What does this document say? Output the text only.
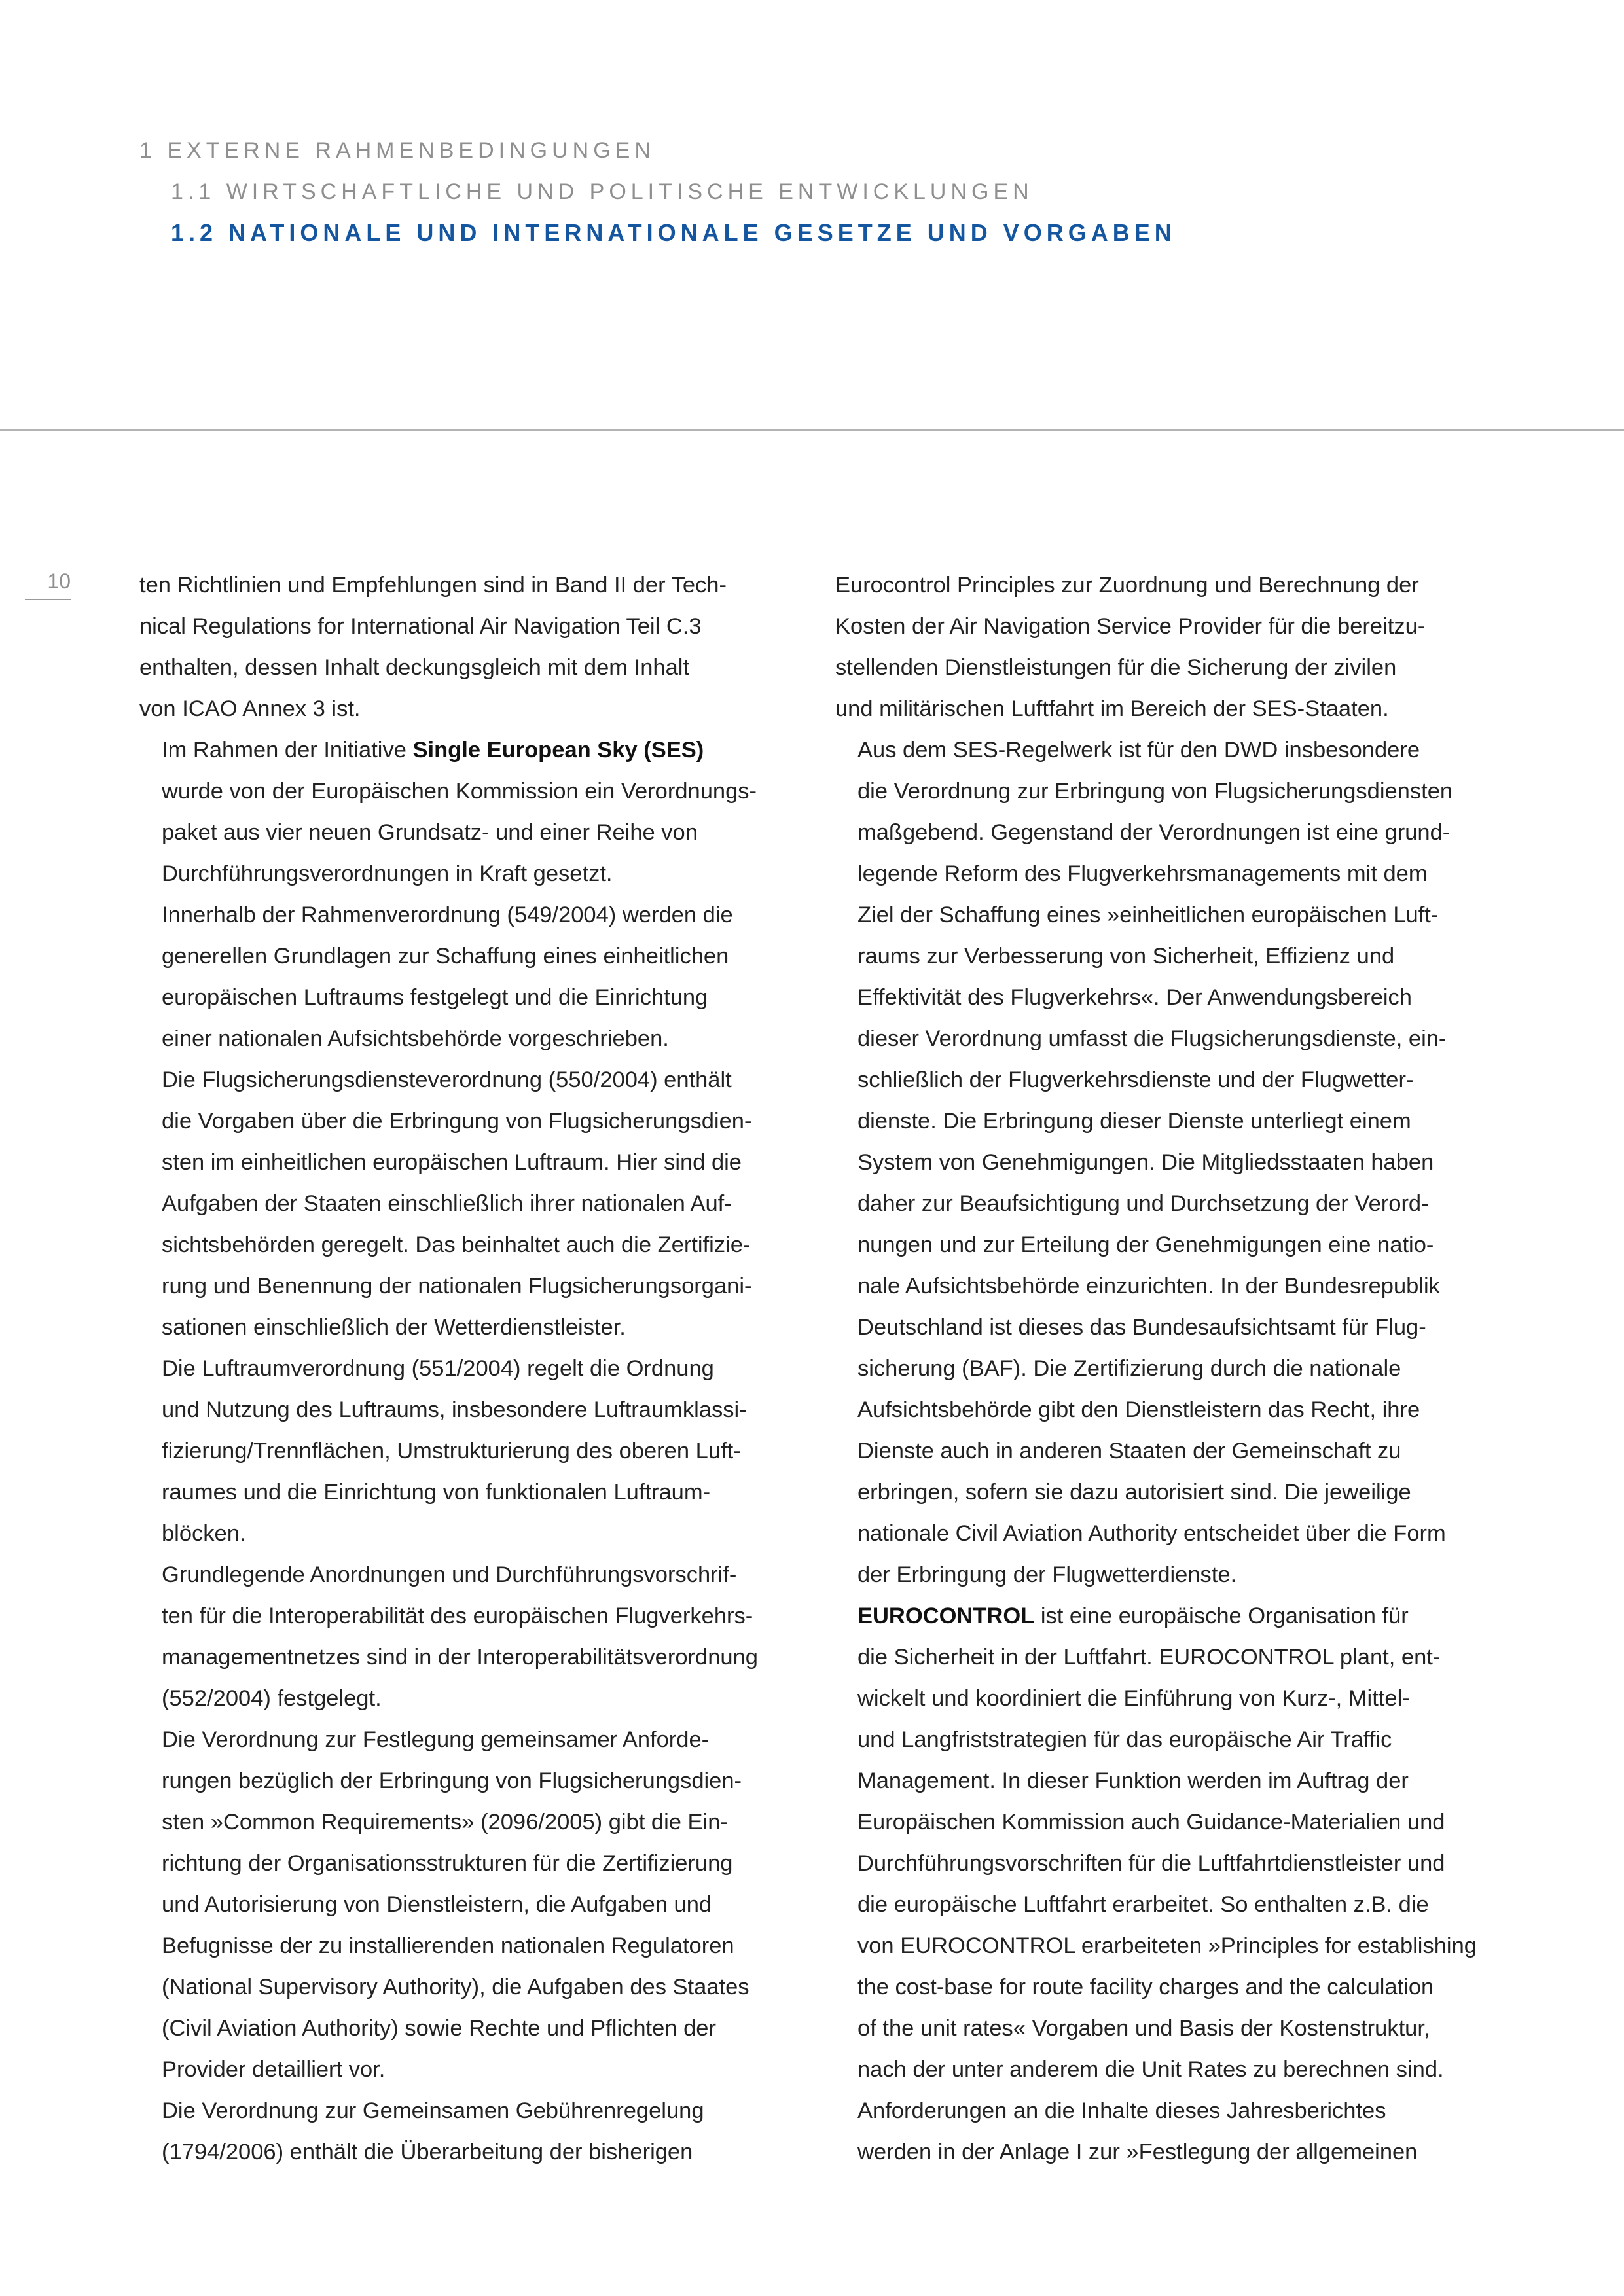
1 EXTERNE RAHMENBEDINGUNGEN
1.1 WIRTSCHAFTLICHE UND POLITISCHE ENTWICKLUNGEN
1.2 NATIONALE UND INTERNATIONALE GESETZE UND VORGABEN
10	ten Richtlinien und Empfehlungen sind in Band II der Tech-
nical Regulations for International Air Navigation Teil C.3
enthalten, dessen Inhalt deckungsgleich mit dem Inhalt
von ICAO Annex 3 ist.

Im Rahmen der Initiative Single European Sky (SES)
wurde von der Europäischen Kommission ein Verordnungs-
paket aus vier neuen Grundsatz- und einer Reihe von
Durchführungsverordnungen in Kraft gesetzt.

Innerhalb der Rahmenverordnung (549/2004) werden die
generellen Grundlagen zur Schaffung eines einheitlichen
europäischen Luftraums festgelegt und die Einrichtung
einer nationalen Aufsichtsbehörde vorgeschrieben.

Die Flugsicherungsdiensteverordnung (550/2004) enthält
die Vorgaben über die Erbringung von Flugsicherungsdien-
sten im einheitlichen europäischen Luftraum. Hier sind die
Aufgaben der Staaten einschließlich ihrer nationalen Auf-
sichtsbehörden geregelt. Das beinhaltet auch die Zertifizie-
rung und Benennung der nationalen Flugsicherungsorgani-
sationen einschließlich der Wetterdienstleister.

Die Luftraumverordnung (551/2004) regelt die Ordnung
und Nutzung des Luftraums, insbesondere Luftraumklassi-
fizierung/Trennflächen, Umstrukturierung des oberen Luft-
raumes und die Einrichtung von funktionalen Luftraum-
blöcken.

Grundlegende Anordnungen und Durchführungsvorschrif-
ten für die Interoperabilität des europäischen Flugverkehrs-
managementnetzes sind in der Interoperabilitätsverordnung
(552/2004) festgelegt.

Die Verordnung zur Festlegung gemeinsamer Anforde-
rungen bezüglich der Erbringung von Flugsicherungsdien-
sten »Common Requirements» (2096/2005) gibt die Ein-
richtung der Organisationsstrukturen für die Zertifizierung
und Autorisierung von Dienstleistern, die Aufgaben und
Befugnisse der zu installierenden nationalen Regulatoren
(National Supervisory Authority), die Aufgaben des Staates
(Civil Aviation Authority) sowie Rechte und Pflichten der
Provider detailliert vor.

Die Verordnung zur Gemeinsamen Gebührenregelung
(1794/2006) enthält die Überarbeitung der bisherigen

Eurocontrol Principles zur Zuordnung und Berechnung der
Kosten der Air Navigation Service Provider für die bereitzu-
stellenden Dienstleistungen für die Sicherung der zivilen
und militärischen Luftfahrt im Bereich der SES-Staaten.

Aus dem SES-Regelwerk ist für den DWD insbesondere
die Verordnung zur Erbringung von Flugsicherungsdiensten
maßgebend. Gegenstand der Verordnungen ist eine grund-
legende Reform des Flugverkehrsmanagements mit dem
Ziel der Schaffung eines »einheitlichen europäischen Luft-
raums zur Verbesserung von Sicherheit, Effizienz und
Effektivität des Flugverkehrs«. Der Anwendungsbereich
dieser Verordnung umfasst die Flugsicherungsdienste, ein-
schließlich der Flugverkehrsdienste und der Flugwetter-
dienste. Die Erbringung dieser Dienste unterliegt einem
System von Genehmigungen. Die Mitgliedsstaaten haben
daher zur Beaufsichtigung und Durchsetzung der Verord-
nungen und zur Erteilung der Genehmigungen eine natio-
nale Aufsichtsbehörde einzurichten. In der Bundesrepublik
Deutschland ist dieses das Bundesaufsichtsamt für Flug-
sicherung (BAF). Die Zertifizierung durch die nationale
Aufsichtsbehörde gibt den Dienstleistern das Recht, ihre
Dienste auch in anderen Staaten der Gemeinschaft zu
erbringen, sofern sie dazu autorisiert sind. Die jeweilige
nationale Civil Aviation Authority entscheidet über die Form
der Erbringung der Flugwetterdienste.

EUROCONTROL ist eine europäische Organisation für
die Sicherheit in der Luftfahrt. EUROCONTROL plant, ent-
wickelt und koordiniert die Einführung von Kurz-, Mittel-
und Langfriststrategien für das europäische Air Traffic
Management. In dieser Funktion werden im Auftrag der
Europäischen Kommission auch Guidance-Materialien und
Durchführungsvorschriften für die Luftfahrtdienstleister und
die europäische Luftfahrt erarbeitet. So enthalten z.B. die
von EUROCONTROL erarbeiteten »Principles for establishing
the cost-base for route facility charges and the calculation
of the unit rates« Vorgaben und Basis der Kostenstruktur,
nach der unter anderem die Unit Rates zu berechnen sind.

Anforderungen an die Inhalte dieses Jahresberichtes
werden in der Anlage I zur »Festlegung der allgemeinen
